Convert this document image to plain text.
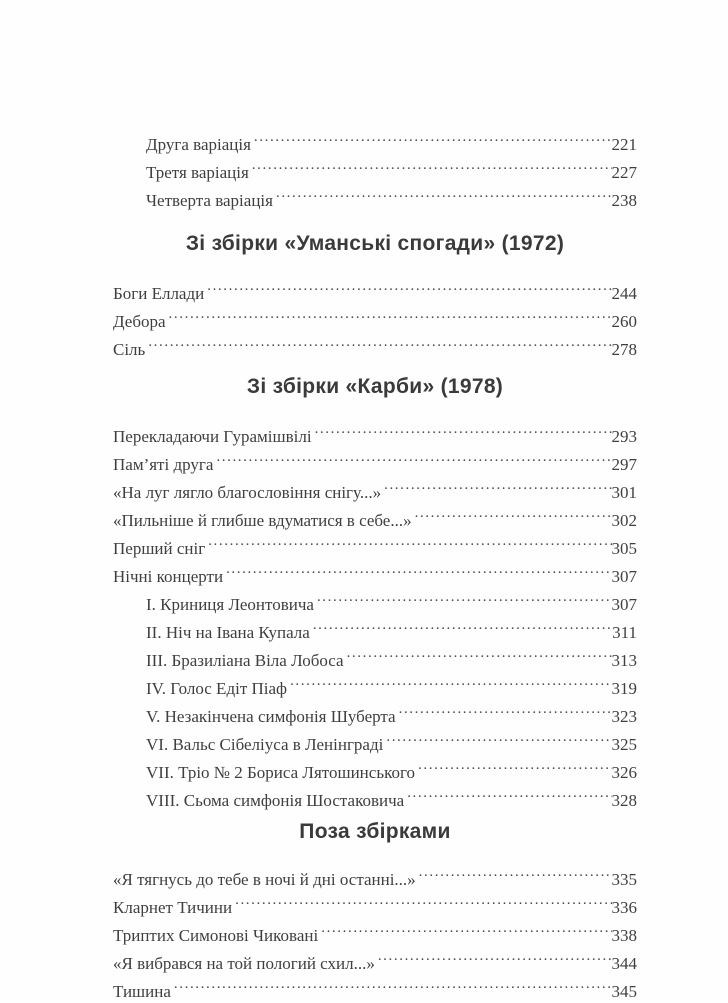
Друга варіація .....	221
Третя варіація .....	227
Четверта варіація .....	238
Зі збірки «Уманські спогади» (1972)
Боги Еллади .....	244
Дебора .....	260
Сіль .....	278
Зі збірки «Карби» (1978)
Перекладаючи Гурамішвілі .....	293
Пам’яті друга .....	297
«На луг лягло благословіння снігу...» .....	301
«Пильніше й глибше вдуматися в себе...» .....	302
Перший сніг .....	305
Нічні концерти .....	307
I. Криниця Леонтовича .....	307
II. Ніч на Івана Купала .....	311
III. Бразиліана Віла Лобоса .....	313
IV. Голос Едіт Піаф .....	319
V. Незакінчена симфонія Шуберта .....	323
VI. Вальс Сібеліуса в Ленінграді .....	325
VII. Тріо № 2 Бориса Лятошинського .....	326
VIII. Сьома симфонія Шостаковича .....	328
Поза збірками
«Я тягнусь до тебе в ночі й дні останні...» .....	335
Кларнет Тичини .....	336
Триптих Симонові Чиковані .....	338
«Я вибрався на той пологий схил...» .....	344
Тишина .....	345
